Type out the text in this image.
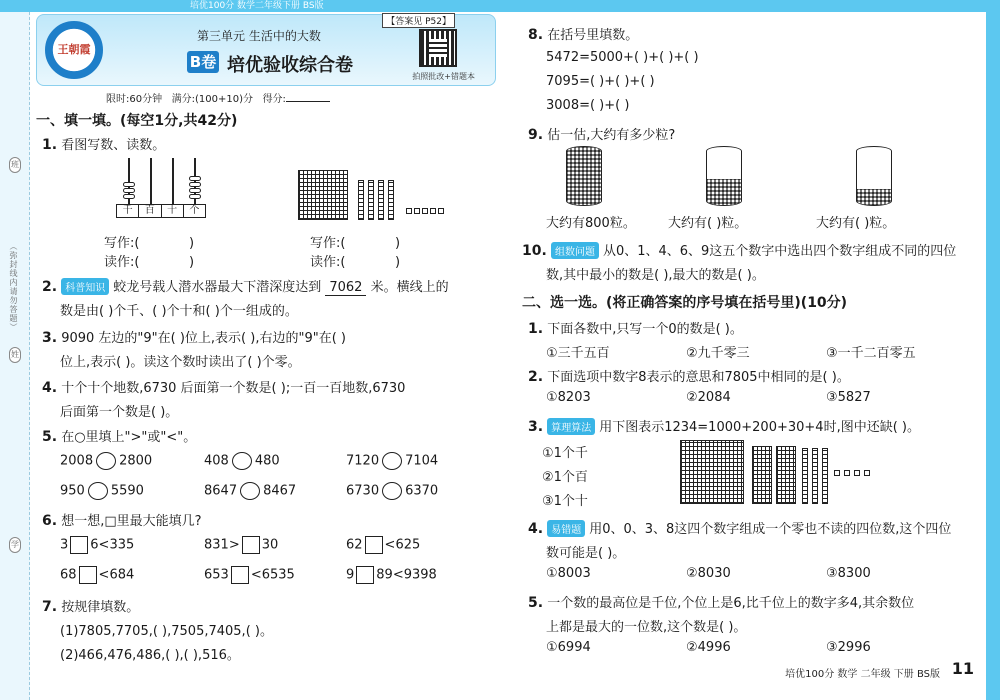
培优100分 数学二年级下册 BS版
班
（弥封线内请勿答题）
姓
学
王朝霞
第三单元 生活中的大数
【答案见 P52】
B卷 培优验收综合卷
拍照批改+错题本
限时:60分钟 满分:(100+10)分 得分:
一、填一填。(每空1分,共42分)
1. 看图写数、读数。
千	百	十	个
写作:(	)
读作:(	)
写作:(	)
读作:(	)
2. 科普知识 蛟龙号载人潜水器最大下潜深度达到 7062 米。横线上的
数是由( )个千、( )个十和( )个一组成的。
3. 9090 左边的"9"在( )位上,表示( ),右边的"9"在( )
位上,表示( )。读这个数时读出了( )个零。
4. 十个十个地数,6730 后面第一个数是( );一百一百地数,6730
后面第一个数是( )。
5. 在○里填上">"或"<"。
2008 2800	408 480	7120 7104
950 5590	8647 8467	6730 6370
6. 想一想,□里最大能填几?
3 6<335	831> 30	62 <625
68 <684	653 <6535	9 89<9398
7. 按规律填数。
(1)7805,7705,( ),7505,7405,( )。
(2)466,476,486,( ),( ),516。
8. 在括号里填数。
5472=5000+( )+( )+( )
7095=( )+( )+( )
3008=( )+( )
9. 估一估,大约有多少粒?
大约有800粒。 大约有( )粒。	大约有( )粒。
10. 组数问题 从0、1、4、6、9这五个数字中选出四个数字组成不同的四位
数,其中最小的数是( ),最大的数是( )。
二、选一选。(将正确答案的序号填在括号里)(10分)
1. 下面各数中,只写一个0的数是( )。
①三千五百	②九千零三	③一千二百零五
2. 下面选项中数字8表示的意思和7805中相同的是( )。
①8203	②2084	③5827
3. 算理算法 用下图表示1234=1000+200+30+4时,图中还缺( )。
①1个千
②1个百
③1个十
4. 易错题 用0、0、3、8这四个数字组成一个零也不读的四位数,这个四位
数可能是( )。
①8003	②8030	③8300
5. 一个数的最高位是千位,个位上是6,比千位上的数字多4,其余数位
上都是最大的一位数,这个数是( )。
①6994	②4996	③2996
培优100分 数学 二年级 下册 BS版 11
